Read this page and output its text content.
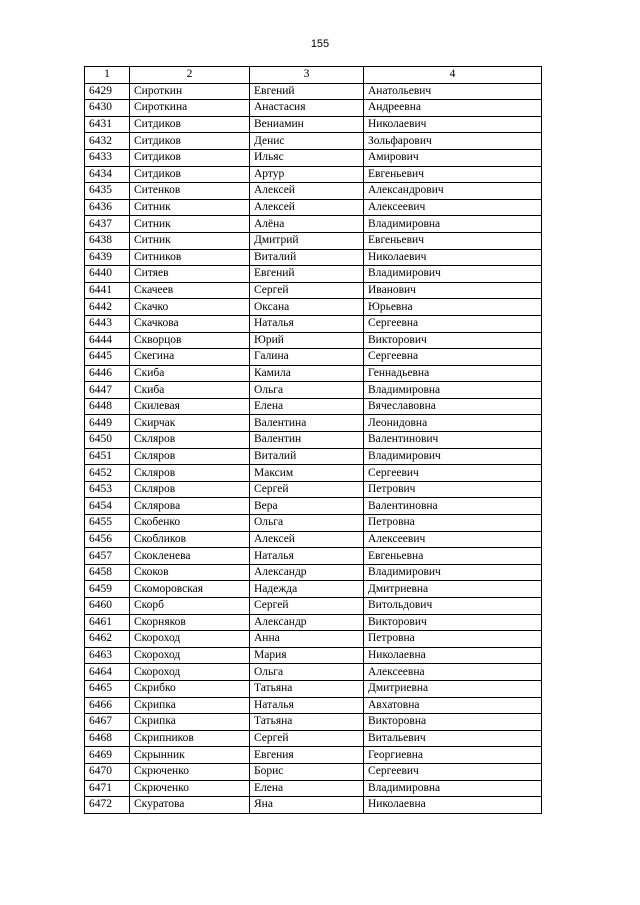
155
1	2	3	4
6429	Сироткин	Евгений	Анатольевич
6430	Сироткина	Анастасия	Андреевна
6431	Ситдиков	Вениамин	Николаевич
6432	Ситдиков	Денис	Зольфарович
6433	Ситдиков	Ильяс	Амирович
6434	Ситдиков	Артур	Евгеньевич
6435	Ситенков	Алексей	Александрович
6436	Ситник	Алексей	Алексеевич
6437	Ситник	Алёна	Владимировна
6438	Ситник	Дмитрий	Евгеньевич
6439	Ситников	Виталий	Николаевич
6440	Ситяев	Евгений	Владимирович
6441	Скачеев	Сергей	Иванович
6442	Скачко	Оксана	Юрьевна
6443	Скачкова	Наталья	Сергеевна
6444	Скворцов	Юрий	Викторович
6445	Скегина	Галина	Сергеевна
6446	Скиба	Камила	Геннадьевна
6447	Скиба	Ольга	Владимировна
6448	Скилевая	Елена	Вячеславовна
6449	Скирчак	Валентина	Леонидовна
6450	Скляров	Валентин	Валентинович
6451	Скляров	Виталий	Владимирович
6452	Скляров	Максим	Сергеевич
6453	Скляров	Сергей	Петрович
6454	Склярова	Вера	Валентиновна
6455	Скобенко	Ольга	Петровна
6456	Скобликов	Алексей	Алексеевич
6457	Скокленева	Наталья	Евгеньевна
6458	Скоков	Александр	Владимирович
6459	Скоморовская	Надежда	Дмитриевна
6460	Скорб	Сергей	Витольдович
6461	Скорняков	Александр	Викторович
6462	Скороход	Анна	Петровна
6463	Скороход	Мария	Николаевна
6464	Скороход	Ольга	Алексеевна
6465	Скрибко	Татьяна	Дмитриевна
6466	Скрипка	Наталья	Авхатовна
6467	Скрипка	Татьяна	Викторовна
6468	Скрипников	Сергей	Витальевич
6469	Скрынник	Евгения	Георгиевна
6470	Скрюченко	Борис	Сергеевич
6471	Скрюченко	Елена	Владимировна
6472	Скуратова	Яна	Николаевна
